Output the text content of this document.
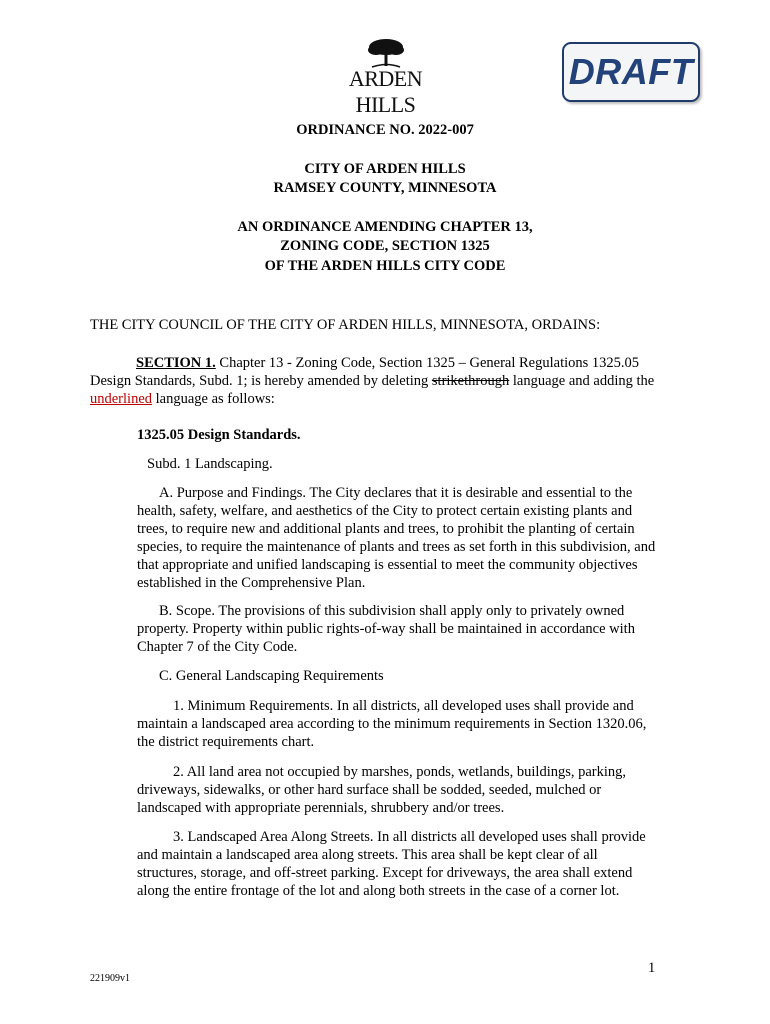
ARDEN HILLS
DRAFT
ORDINANCE NO. 2022-007
CITY OF ARDEN HILLS
RAMSEY COUNTY, MINNESOTA
AN ORDINANCE AMENDING CHAPTER 13,
ZONING CODE, SECTION 1325
OF THE ARDEN HILLS CITY CODE
THE CITY COUNCIL OF THE CITY OF ARDEN HILLS, MINNESOTA, ORDAINS:
SECTION 1. Chapter 13 - Zoning Code, Section 1325 – General Regulations 1325.05
Design Standards, Subd. 1; is hereby amended by deleting strikethrough language and adding the
underlined language as follows:
1325.05 Design Standards.
Subd. 1 Landscaping.
A. Purpose and Findings. The City declares that it is desirable and essential to the
health, safety, welfare, and aesthetics of the City to protect certain existing plants and
trees, to require new and additional plants and trees, to prohibit the planting of certain
species, to require the maintenance of plants and trees as set forth in this subdivision, and
that appropriate and unified landscaping is essential to meet the community objectives
established in the Comprehensive Plan.
B. Scope. The provisions of this subdivision shall apply only to privately owned
property. Property within public rights-of-way shall be maintained in accordance with
Chapter 7 of the City Code.
C. General Landscaping Requirements
1. Minimum Requirements. In all districts, all developed uses shall provide and
maintain a landscaped area according to the minimum requirements in Section 1320.06,
the district requirements chart.
2. All land area not occupied by marshes, ponds, wetlands, buildings, parking,
driveways, sidewalks, or other hard surface shall be sodded, seeded, mulched or
landscaped with appropriate perennials, shrubbery and/or trees.
3. Landscaped Area Along Streets. In all districts all developed uses shall provide
and maintain a landscaped area along streets. This area shall be kept clear of all
structures, storage, and off-street parking. Except for driveways, the area shall extend
along the entire frontage of the lot and along both streets in the case of a corner lot.
1
221909v1
